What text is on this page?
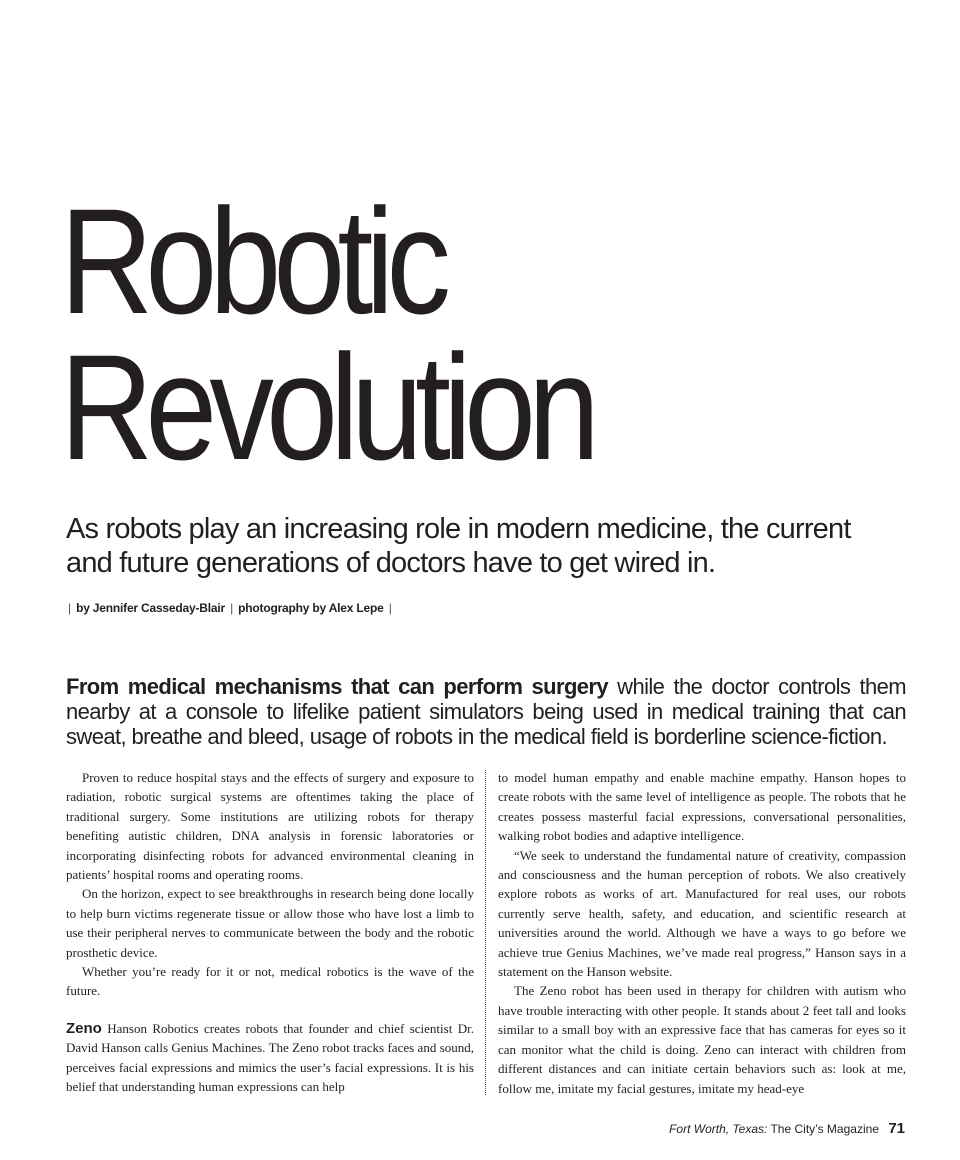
Robotic
Revolution

As robots play an increasing role in modern medicine, the current and future generations of doctors have to get wired in.

| by Jennifer Casseday-Blair | photography by Alex Lepe |

From medical mechanisms that can perform surgery while the doctor controls them nearby at a console to lifelike patient simulators being used in medical training that can sweat, breathe and bleed, usage of robots in the medical field is borderline science-fiction.

Proven to reduce hospital stays and the effects of surgery and exposure to radiation, robotic surgical systems are oftentimes taking the place of traditional surgery. Some institutions are utilizing robots for therapy benefiting autistic children, DNA analysis in forensic laboratories or incorporating disinfecting robots for advanced environmental cleaning in patients’ hospital rooms and operating rooms.

On the horizon, expect to see breakthroughs in research being done locally to help burn victims regenerate tissue or allow those who have lost a limb to use their peripheral nerves to communicate between the body and the robotic prosthetic device.

Whether you’re ready for it or not, medical robotics is the wave of the future.

Zeno Hanson Robotics creates robots that founder and chief scientist Dr. David Hanson calls Genius Machines. The Zeno robot tracks faces and sound, perceives facial expressions and mimics the user’s facial expressions. It is his belief that understanding human expressions can help

to model human empathy and enable machine empathy. Hanson hopes to create robots with the same level of intelligence as people. The robots that he creates possess masterful facial expressions, conversational personalities, walking robot bodies and adaptive intelligence.

“We seek to understand the fundamental nature of creativity, compassion and consciousness and the human perception of robots. We also creatively explore robots as works of art. Manufactured for real uses, our robots currently serve health, safety, and education, and scientific research at universities around the world. Although we have a ways to go before we achieve true Genius Machines, we’ve made real progress,” Hanson says in a statement on the Hanson website.

The Zeno robot has been used in therapy for children with autism who have trouble interacting with other people. It stands about 2 feet tall and looks similar to a small boy with an expressive face that has cameras for eyes so it can monitor what the child is doing. Zeno can interact with children from different distances and can initiate certain behaviors such as: look at me, follow me, imitate my facial gestures, imitate my head-eye

Fort Worth, Texas: The City’s Magazine 71
